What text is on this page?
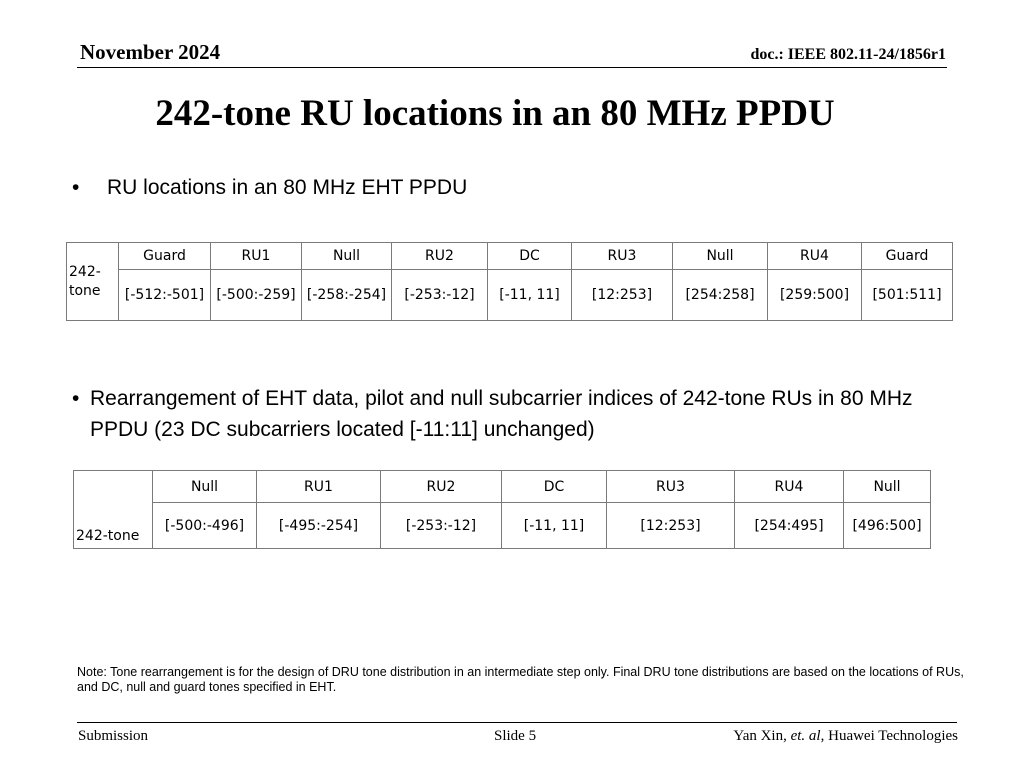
November 2024	doc.: IEEE 802.11-24/1856r1
242-tone RU locations in an 80 MHz PPDU
• RU locations in an 80 MHz EHT PPDU
242-tone	Guard	RU1	Null	RU2	DC	RU3	Null	RU4	Guard
	[-512:-501]	[-500:-259]	[-258:-254]	[-253:-12]	[-11, 11]	[12:253]	[254:258]	[259:500]	[501:511]
• Rearrangement of EHT data, pilot and null subcarrier indices of 242-tone RUs in 80 MHz PPDU (23 DC subcarriers located [-11:11] unchanged)
242-tone	Null	RU1	RU2	DC	RU3	RU4	Null
	[-500:-496]	[-495:-254]	[-253:-12]	[-11, 11]	[12:253]	[254:495]	[496:500]
Note: Tone rearrangement is for the design of DRU tone distribution in an intermediate step only. Final DRU tone distributions are based on the locations of RUs, and DC, null and guard tones specified in EHT.
Submission	Slide 5	Yan Xin, et. al, Huawei Technologies
